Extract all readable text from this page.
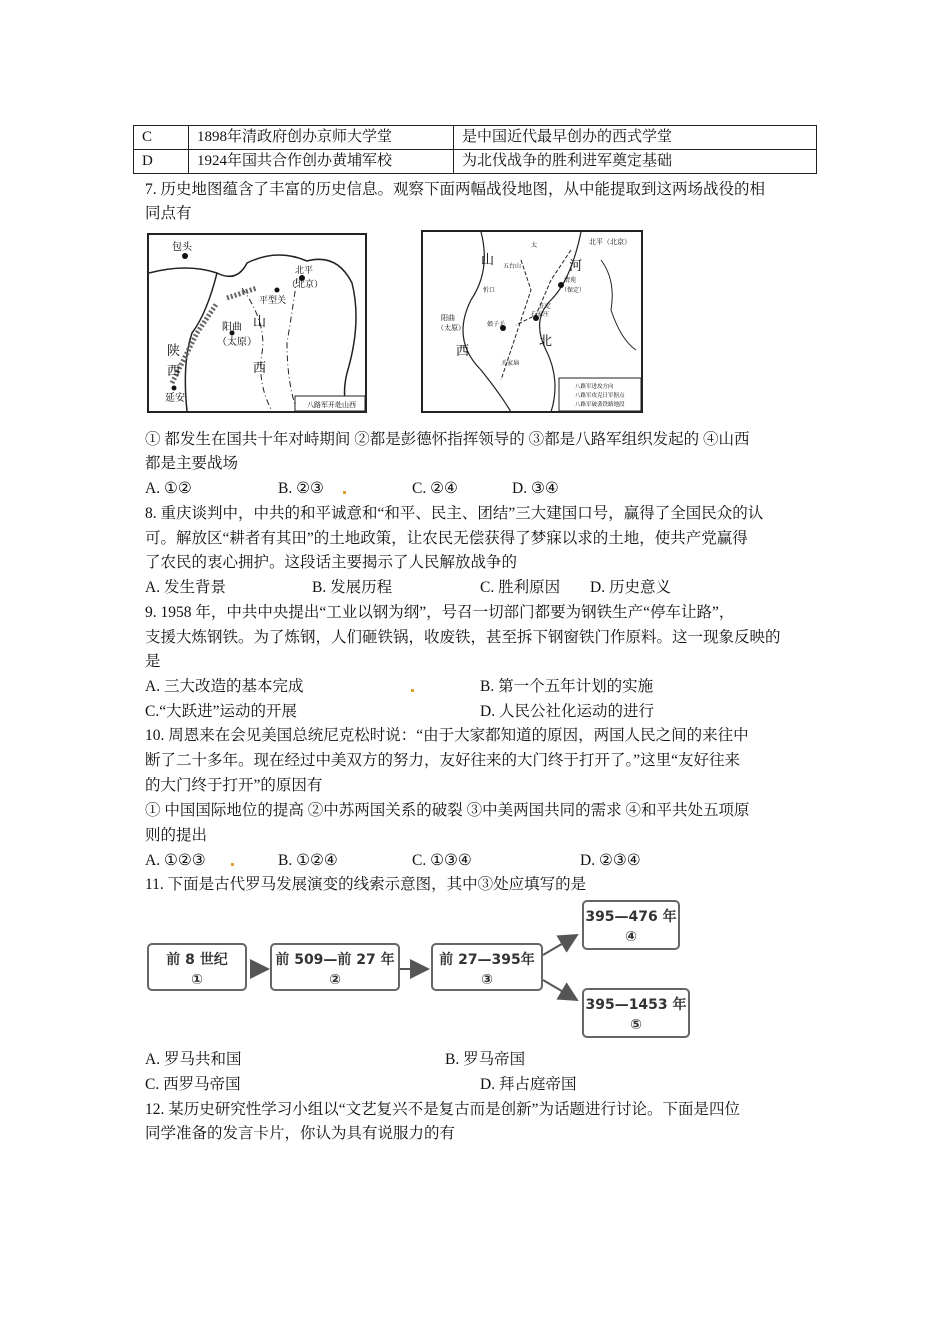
C	1898年清政府创办京师大学堂	是中国近代最早创办的西式学堂
D	1924年国共合作创办黄埔军校	为北伐战争的胜利进军奠定基础
7. 历史地图蕴含了丰富的历史信息。观察下面两幅战役地图，从中能提取到这两场战役的相
同点有
包头
北平
（北京）
平型关
山
阳曲
（太原）
西
陕
西
延安
八路军开赴山西
北平（北京）
山	河
西
北
五台山
太
清苑
（保定）
正定
石家庄
忻口
阳曲
（太原）	娘子关
关家垴
八路军进攻方向
八路军攻克日军据点
八路军破袭铁路地段
① 都发生在国共十年对峙期间 ②都是彭德怀指挥领导的 ③都是八路军组织发起的 ④山西
都是主要战场
A. ①②	B. ②③	C. ②④	D. ③④
8. 重庆谈判中，中共的和平诚意和“和平、民主、团结”三大建国口号，赢得了全国民众的认
可。解放区“耕者有其田”的土地政策，让农民无偿获得了梦寐以求的土地，使共产党赢得
了农民的衷心拥护。这段话主要揭示了人民解放战争的
A. 发生背景	B. 发展历程	C. 胜利原因 D. 历史意义
9. 1958 年，中共中央提出“工业以钢为纲”，号召一切部门都要为钢铁生产“停车让路”，
支援大炼钢铁。为了炼钢，人们砸铁锅，收废铁，甚至拆下钢窗铁门作原料。这一现象反映的
是
A. 三大改造的基本完成	B. 第一个五年计划的实施
C.“大跃进”运动的开展	D. 人民公社化运动的进行
10. 周恩来在会见美国总统尼克松时说：“由于大家都知道的原因，两国人民之间的来往中
断了二十多年。现在经过中美双方的努力，友好往来的大门终于打开了。”这里“友好往来
的大门终于打开”的原因有
① 中国国际地位的提高 ②中苏两国关系的破裂 ③中美两国共同的需求 ④和平共处五项原
则的提出
A. ①②③	B. ①②④	C. ①③④	D. ②③④
11. 下面是古代罗马发展演变的线索示意图，其中③处应填写的是
前 8 世纪
①
前 509—前 27 年
②
前 27—395年
③
395—476 年
④
395—1453 年
⑤
A. 罗马共和国	B. 罗马帝国
C. 西罗马帝国	D. 拜占庭帝国
12. 某历史研究性学习小组以“文艺复兴不是复古而是创新”为话题进行讨论。下面是四位
同学准备的发言卡片，你认为具有说服力的有
